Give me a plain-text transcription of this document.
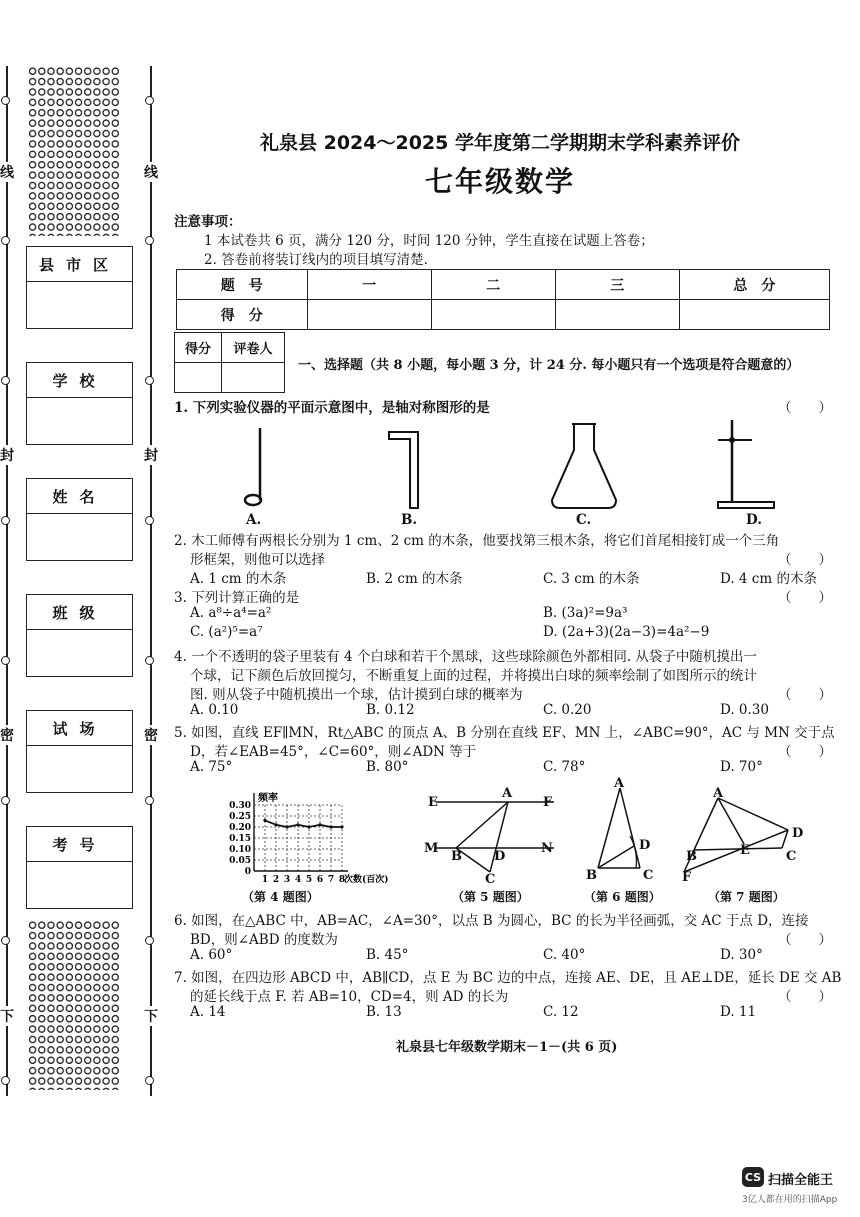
线
封
密
下
线
封
密
下
县市区
学校
姓名
班级
试场
考号
礼泉县 2024～2025 学年度第二学期期末学科素养评价
七年级数学
注意事项：
1 本试卷共 6 页，满分 120 分，时间 120 分钟，学生直接在试题上答卷；
2. 答卷前将装订线内的项目填写清楚.
题　号	一	二	三	总　分
得　分				
得分	评卷人

一、选择题（共 8 小题，每小题 3 分，计 24 分. 每小题只有一个选项是符合题意的）
1. 下列实验仪器的平面示意图中，是轴对称图形的是	（　　）
A.	B.	C.	D.
2. 木工师傅有两根长分别为 1 cm、2 cm 的木条，他要找第三根木条，将它们首尾相接钉成一个三角
形框架，则他可以选择	（　　）
A. 1 cm 的木条	B. 2 cm 的木条	C. 3 cm 的木条	D. 4 cm 的木条
3. 下列计算正确的是	（　　）
A. a⁸÷a⁴=a²	B. (3a)²=9a³
C. (a²)⁵=a⁷	D. (2a+3)(2a−3)=4a²−9
4. 一个不透明的袋子里装有 4 个白球和若干个黑球，这些球除颜色外都相同. 从袋子中随机摸出一
个球，记下颜色后放回搅匀，不断重复上面的过程，并将摸出白球的频率绘制了如图所示的统计
图. 则从袋子中随机摸出一个球，估计摸到白球的概率为	（　　）
A. 0.10	B. 0.12	C. 0.20	D. 0.30
5. 如图，直线 EF∥MN，Rt△ABC 的顶点 A、B 分别在直线 EF、MN 上，∠ABC=90°，AC 与 MN 交于点
D，若∠EAB=45°，∠C=60°，则∠ADN 等于	（　　）
A. 75°	B. 80°	C. 78°	D. 70°
0.30
0.25
0.20
0.15
0.10
0.05
0
1 2 3 4 5 6 7 8
频率
次数(百次)
（第 4 题图）
E
A
F
M
B D
N
C
（第 5 题图）
A
D
B	C
（第 6 题图）
A
D
B	E	C
F
（第 7 题图）
6. 如图，在△ABC 中，AB=AC，∠A=30°，以点 B 为圆心，BC 的长为半径画弧，交 AC 于点 D，连接
BD，则∠ABD 的度数为	（　　）
A. 60°	B. 45°	C. 40°	D. 30°
7. 如图，在四边形 ABCD 中，AB∥CD，点 E 为 BC 边的中点，连接 AE、DE，且 AE⊥DE，延长 DE 交 AB
的延长线于点 F. 若 AB=10，CD=4，则 AD 的长为	（　　）
A. 14	B. 13	C. 12	D. 11
礼泉县七年级数学期末－1－(共 6 页)
CS 扫描全能王
3亿人都在用的扫描App
